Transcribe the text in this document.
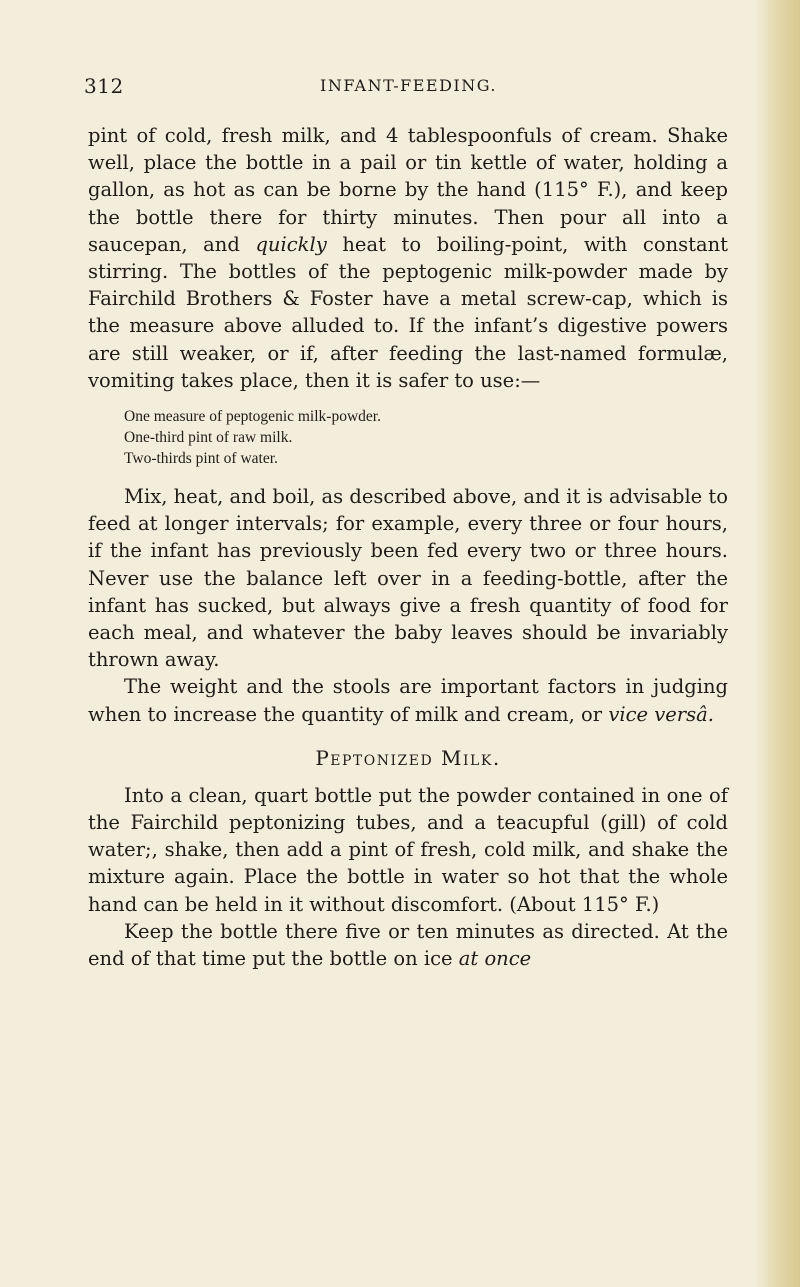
312	INFANT-FEEDING.

pint of cold, fresh milk, and 4 tablespoonfuls of cream. Shake well, place the bottle in a pail or tin kettle of water, holding a gallon, as hot as can be borne by the hand (115° F.), and keep the bottle there for thirty minutes. Then pour all into a saucepan, and quickly heat to boiling-point, with constant stirring. The bottles of the peptogenic milk-powder made by Fairchild Brothers & Foster have a metal screw-cap, which is the measure above alluded to. If the infant’s digestive powers are still weaker, or if, after feeding the last-named formulæ, vomiting takes place, then it is safer to use:—

One measure of peptogenic milk-powder.
One-third pint of raw milk.
Two-thirds pint of water.

Mix, heat, and boil, as described above, and it is advisable to feed at longer intervals; for example, every three or four hours, if the infant has previously been fed every two or three hours. Never use the balance left over in a feeding-bottle, after the infant has sucked, but always give a fresh quantity of food for each meal, and whatever the baby leaves should be invariably thrown away.

The weight and the stools are important factors in judging when to increase the quantity of milk and cream, or vice versâ.

Peptonized Milk.

Into a clean, quart bottle put the powder contained in one of the Fairchild peptonizing tubes, and a teacupful (gill) of cold water;, shake, then add a pint of fresh, cold milk, and shake the mixture again. Place the bottle in water so hot that the whole hand can be held in it without discomfort. (About 115° F.)

Keep the bottle there five or ten minutes as directed. At the end of that time put the bottle on ice at once
